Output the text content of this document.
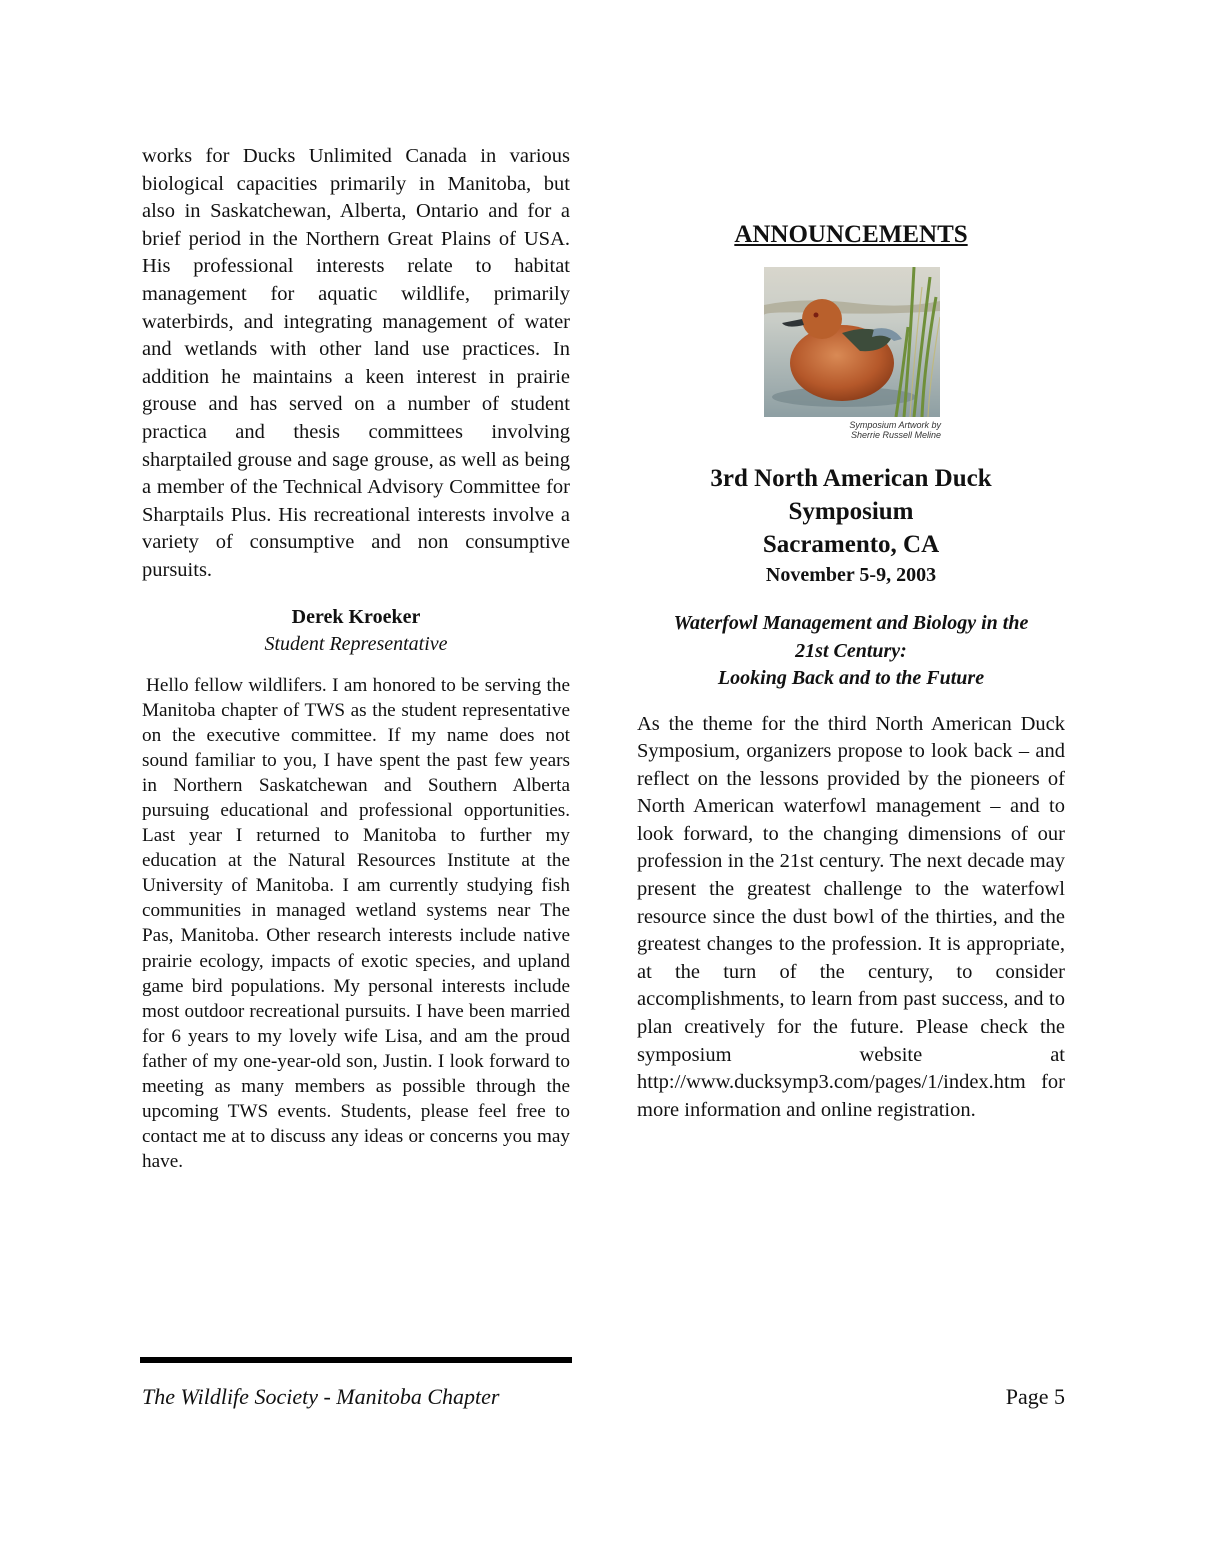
works for Ducks Unlimited Canada in various biological capacities primarily in Manitoba, but also in Saskatchewan, Alberta, Ontario and for a brief period in the Northern Great Plains of USA. His professional interests relate to habitat management for aquatic wildlife, primarily waterbirds, and integrating management of water and wetlands with other land use practices. In addition he maintains a keen interest in prairie grouse and has served on a number of student practica and thesis committees involving sharptailed grouse and sage grouse, as well as being a member of the Technical Advisory Committee for Sharptails Plus. His recreational interests involve a variety of consumptive and non consumptive pursuits.

Derek Kroeker

Student Representative

Hello fellow wildlifers. I am honored to be serving the Manitoba chapter of TWS as the student representative on the executive committee. If my name does not sound familiar to you, I have spent the past few years in Northern Saskatchewan and Southern Alberta pursuing educational and professional opportunities. Last year I returned to Manitoba to further my education at the Natural Resources Institute at the University of Manitoba. I am currently studying fish communities in managed wetland systems near The Pas, Manitoba. Other research interests include native prairie ecology, impacts of exotic species, and upland game bird populations. My personal interests include most outdoor recreational pursuits. I have been married for 6 years to my lovely wife Lisa, and am the proud father of my one-year-old son, Justin. I look forward to meeting as many members as possible through the upcoming TWS events. Students, please feel free to contact me at to discuss any ideas or concerns you may have.

ANNOUNCEMENTS
Symposium Artwork by
Sherrie Russell Meline
3rd North American Duck
Symposium
Sacramento, CA

November 5-9, 2003

Waterfowl Management and Biology in the
21st Century:
Looking Back and to the Future

As the theme for the third North American Duck Symposium, organizers propose to look back – and reflect on the lessons provided by the pioneers of North American waterfowl management – and to look forward, to the changing dimensions of our profession in the 21st century. The next decade may present the greatest challenge to the waterfowl resource since the dust bowl of the thirties, and the greatest changes to the profession. It is appropriate, at the turn of the century, to consider accomplishments, to learn from past success, and to plan creatively for the future. Please check the symposium website at http://www.ducksymp3.com/pages/1/index.htm for more information and online registration.

The Wildlife Society - Manitoba Chapter	Page 5
